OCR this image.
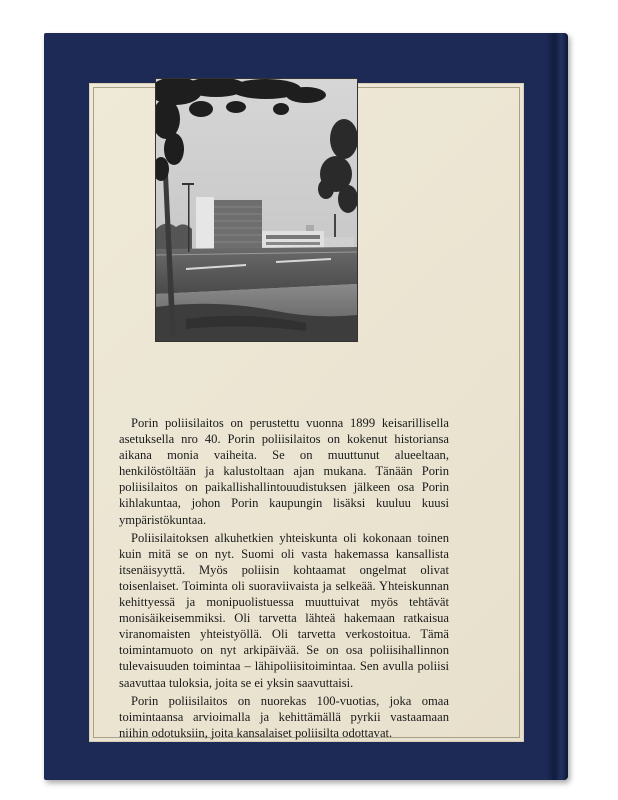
Porin poliisilaitos on perustettu vuonna 1899 keisarillisella asetuksella nro 40. Porin poliisilaitos on kokenut historiansa aikana monia vaiheita. Se on muuttunut alueeltaan, henkilöstöltään ja kalustoltaan ajan mukana. Tänään Porin poliisilaitos on paikallishallintouudistuksen jälkeen osa Porin kihlakuntaa, johon Porin kaupungin lisäksi kuuluu kuusi ympäristökuntaa.

Poliisilaitoksen alkuhetkien yhteiskunta oli kokonaan toinen kuin mitä se on nyt. Suomi oli vasta hakemassa kansallista itsenäisyyttä. Myös poliisin kohtaamat ongelmat olivat toisenlaiset. Toiminta oli suoraviivaista ja selkeää. Yhteiskunnan kehittyessä ja monipuolistuessa muuttuivat myös tehtävät monisäikeisemmiksi. Oli tarvetta lähteä hakemaan ratkaisua viranomaisten yhteistyöllä. Oli tarvetta verkostoitua. Tämä toimintamuoto on nyt arkipäivää. Se on osa poliisihallinnon tulevaisuuden toimintaa – lähipoliisitoimintaa. Sen avulla poliisi saavuttaa tuloksia, joita se ei yksin saavuttaisi.

Porin poliisilaitos on nuorekas 100-vuotias, joka omaa toimintaansa arvioimalla ja kehittämällä pyrkii vastaamaan niihin odotuksiin, joita kansalaiset poliisilta odottavat.
